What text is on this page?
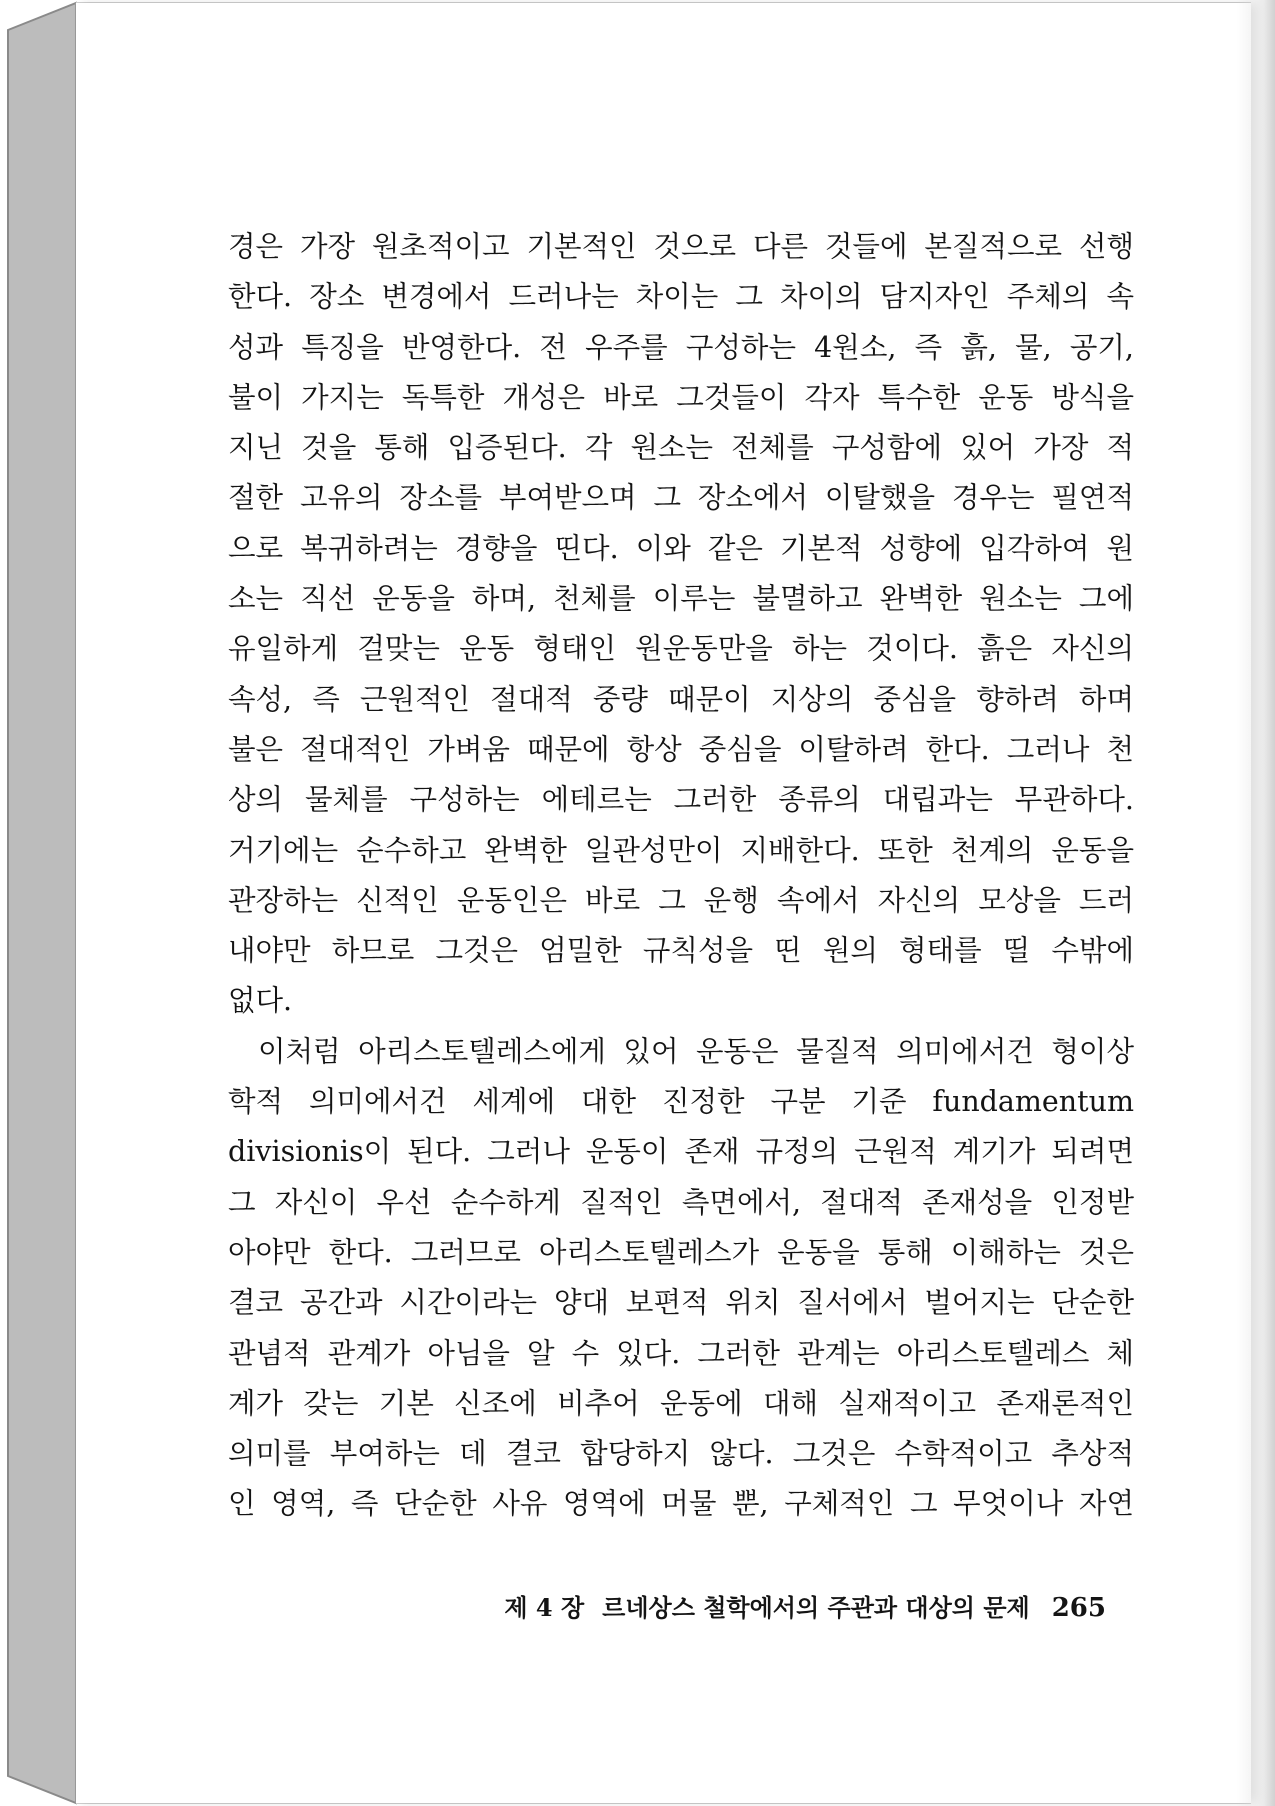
경은 가장 원초적이고 기본적인 것으로 다른 것들에 본질적으로 선행
한다. 장소 변경에서 드러나는 차이는 그 차이의 담지자인 주체의 속
성과 특징을 반영한다. 전 우주를 구성하는 4원소, 즉 흙, 물, 공기,
불이 가지는 독특한 개성은 바로 그것들이 각자 특수한 운동 방식을
지닌 것을 통해 입증된다. 각 원소는 전체를 구성함에 있어 가장 적
절한 고유의 장소를 부여받으며 그 장소에서 이탈했을 경우는 필연적
으로 복귀하려는 경향을 띤다. 이와 같은 기본적 성향에 입각하여 원
소는 직선 운동을 하며, 천체를 이루는 불멸하고 완벽한 원소는 그에
유일하게 걸맞는 운동 형태인 원운동만을 하는 것이다. 흙은 자신의
속성, 즉 근원적인 절대적 중량 때문이 지상의 중심을 향하려 하며
불은 절대적인 가벼움 때문에 항상 중심을 이탈하려 한다. 그러나 천
상의 물체를 구성하는 에테르는 그러한 종류의 대립과는 무관하다.
거기에는 순수하고 완벽한 일관성만이 지배한다. 또한 천계의 운동을
관장하는 신적인 운동인은 바로 그 운행 속에서 자신의 모상을 드러
내야만 하므로 그것은 엄밀한 규칙성을 띤 원의 형태를 띨 수밖에
없다.
이처럼 아리스토텔레스에게 있어 운동은 물질적 의미에서건 형이상
학적 의미에서건 세계에 대한 진정한 구분 기준 fundamentum
divisionis이 된다. 그러나 운동이 존재 규정의 근원적 계기가 되려면
그 자신이 우선 순수하게 질적인 측면에서, 절대적 존재성을 인정받
아야만 한다. 그러므로 아리스토텔레스가 운동을 통해 이해하는 것은
결코 공간과 시간이라는 양대 보편적 위치 질서에서 벌어지는 단순한
관념적 관계가 아님을 알 수 있다. 그러한 관계는 아리스토텔레스 체
계가 갖는 기본 신조에 비추어 운동에 대해 실재적이고 존재론적인
의미를 부여하는 데 결코 합당하지 않다. 그것은 수학적이고 추상적
인 영역, 즉 단순한 사유 영역에 머물 뿐, 구체적인 그 무엇이나 자연
제 4 장 르네상스 철학에서의 주관과 대상의 문제 265
